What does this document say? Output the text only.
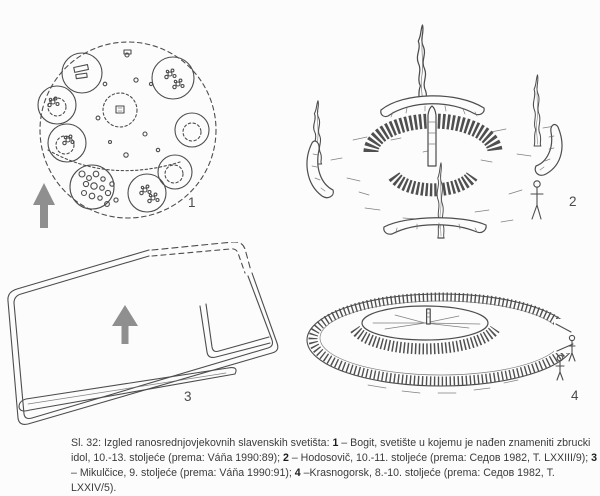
1	2
3	4
Sl. 32: Izgled ranosrednjovjekovnih slavenskih svetišta: 1 – Bogit, svetište u kojemu je nađen znameniti zbrucki idol, 10.-13. stoljeće (prema: Váňa 1990:89); 2 – Hodosovič, 10.-11. stoljeće (prema: Седов 1982, T. LXXIII/9); 3 – Mikulčice, 9. stoljeće (prema: Váňa 1990:91); 4 –Krasnogorsk, 8.-10. stoljeće (prema: Седов 1982, T. LXXIV/5).
